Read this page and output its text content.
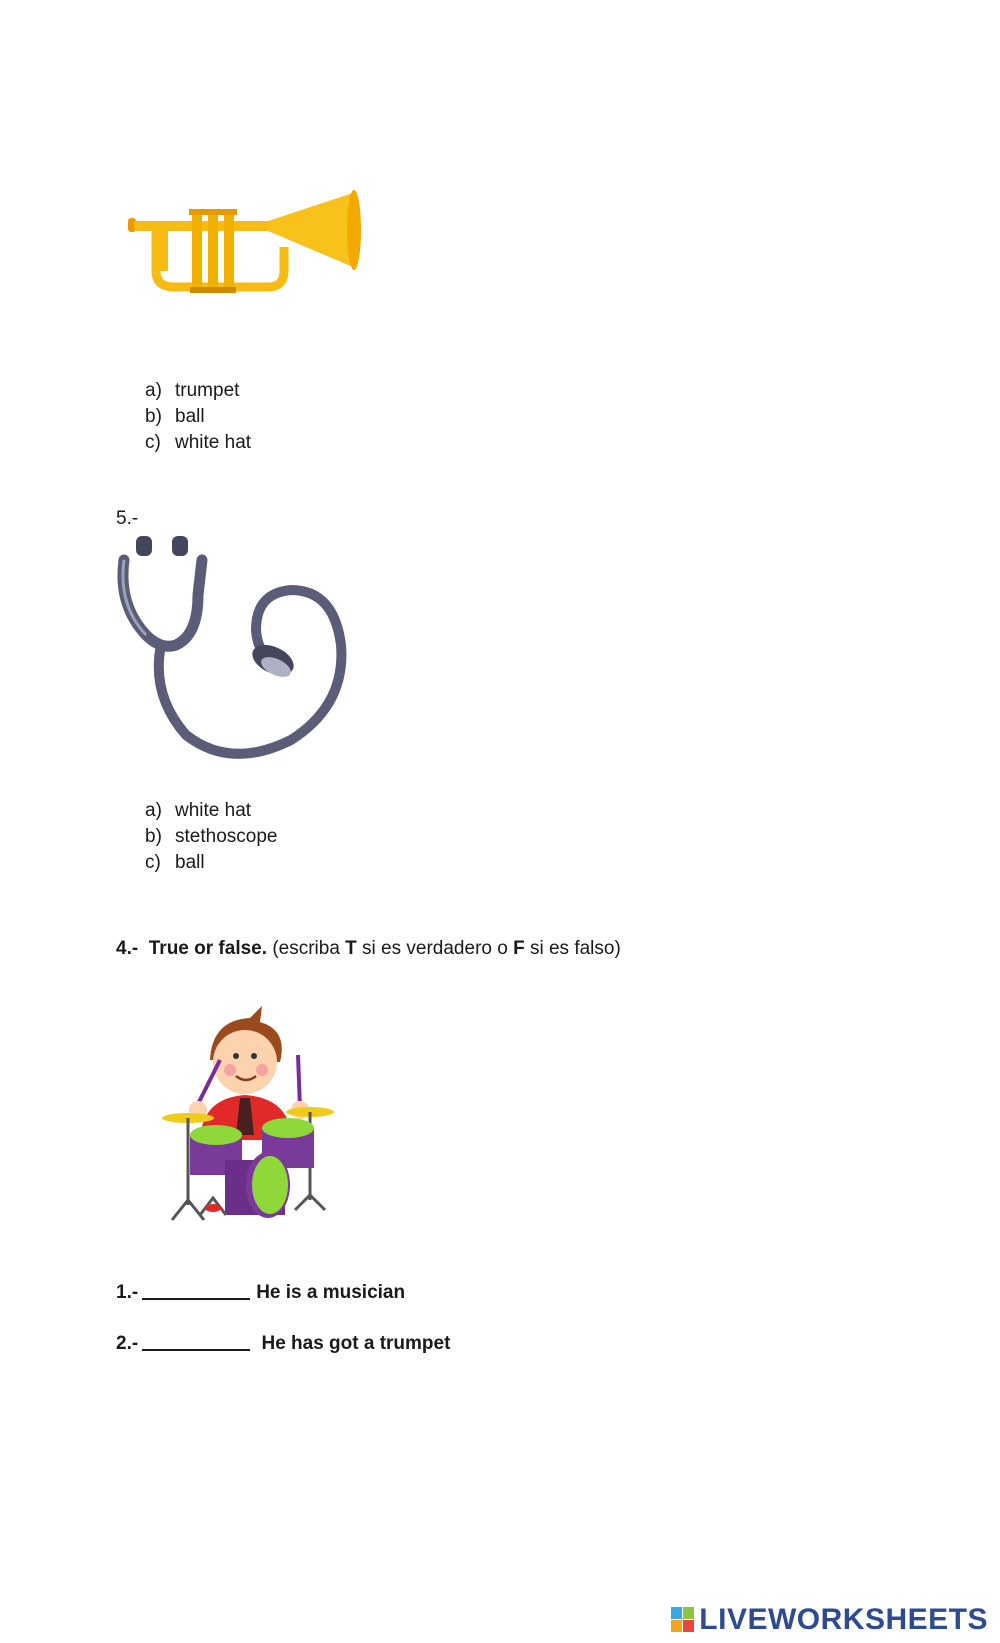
a) trumpet
b) ball
c) white hat
5.-
a) white hat
b) stethoscope
c) ball
4.- True or false. (escriba T si es verdadero o F si es falso)
1.-	He is a musician
2.-	He has got a trumpet
LIVEWORKSHEETS
